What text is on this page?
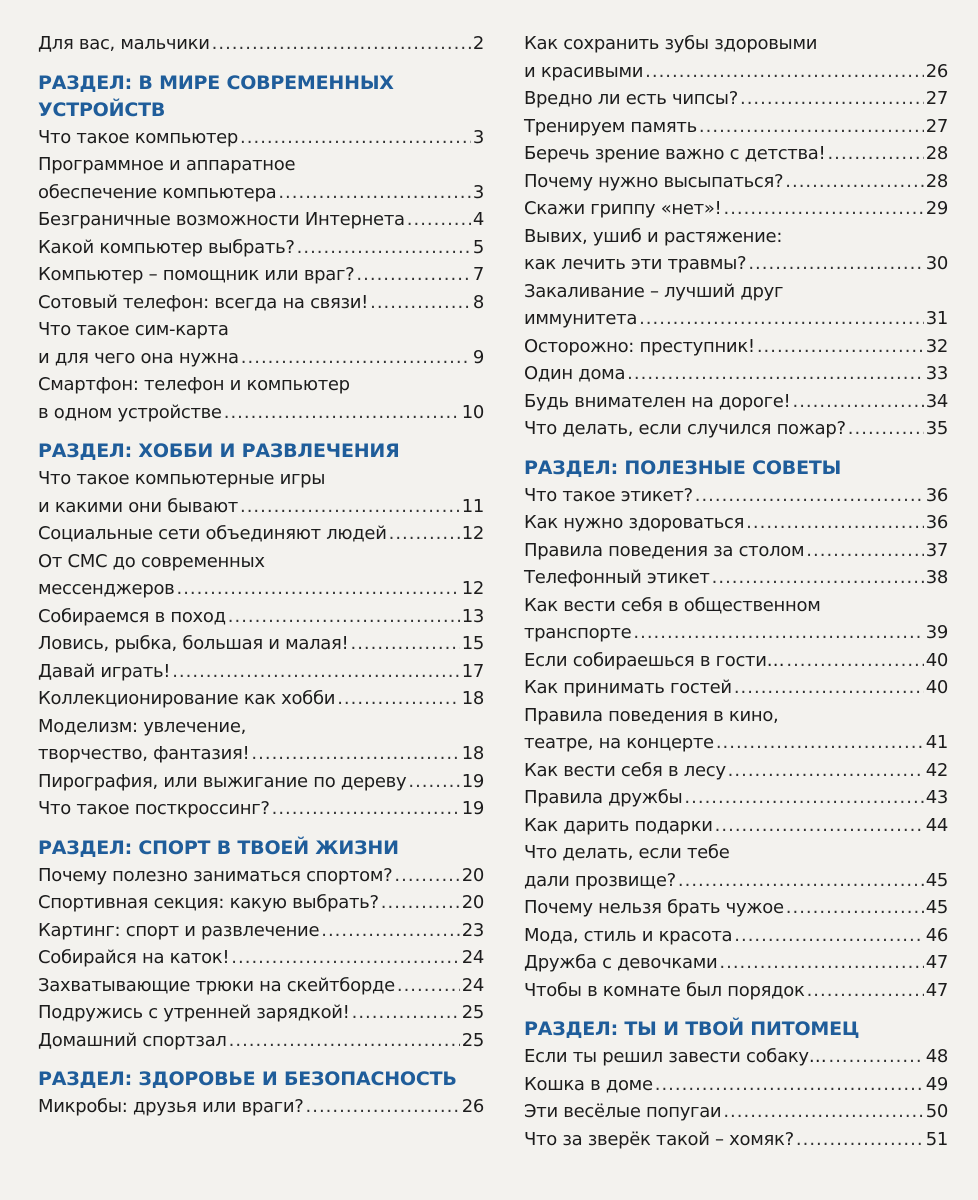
Для вас, мальчики .....	2
РАЗДЕЛ: В МИРЕ СОВРЕМЕННЫХ
УСТРОЙСТВ
Что такое компьютер .....	3
Программное и аппаратное
обеспечение компьютера .....	3
Безграничные возможности Интернета .....	4
Какой компьютер выбрать? .....	5
Компьютер – помощник или враг? .....	7
Сотовый телефон: всегда на связи! .....	8
Что такое сим-карта
и для чего она нужна .....	9
Смартфон: телефон и компьютер
в одном устройстве .....	10
РАЗДЕЛ: ХОББИ И РАЗВЛЕЧЕНИЯ
Что такое компьютерные игры
и какими они бывают .....	11
Социальные сети объединяют людей .....	12
От СМС до современных
мессенджеров .....	12
Собираемся в поход .....	13
Ловись, рыбка, большая и малая! .....	15
Давай играть! .....	17
Коллекционирование как хобби .....	18
Моделизм: увлечение,
творчество, фантазия! .....	18
Пирография, или выжигание по дереву .....	19
Что такое посткроссинг? .....	19
РАЗДЕЛ: СПОРТ В ТВОЕЙ ЖИЗНИ
Почему полезно заниматься спортом? .....	20
Спортивная секция: какую выбрать? .....	20
Картинг: спорт и развлечение .....	23
Собирайся на каток! .....	24
Захватывающие трюки на скейтборде .....	24
Подружись с утренней зарядкой! .....	25
Домашний спортзал .....	25
РАЗДЕЛ: ЗДОРОВЬЕ И БЕЗОПАСНОСТЬ
Микробы: друзья или враги? .....	26
Как сохранить зубы здоровыми
и красивыми .....	26
Вредно ли есть чипсы? .....	27
Тренируем память .....	27
Беречь зрение важно с детства! .....	28
Почему нужно высыпаться? .....	28
Скажи гриппу «нет»! .....	29
Вывих, ушиб и растяжение:
как лечить эти травмы? .....	30
Закаливание – лучший друг
иммунитета .....	31
Осторожно: преступник! .....	32
Один дома .....	33
Будь внимателен на дороге! .....	34
Что делать, если случился пожар? .....	35
РАЗДЕЛ: ПОЛЕЗНЫЕ СОВЕТЫ
Что такое этикет? .....	36
Как нужно здороваться .....	36
Правила поведения за столом .....	37
Телефонный этикет .....	38
Как вести себя в общественном
транспорте .....	39
Если собираешься в гости… .....	40
Как принимать гостей .....	40
Правила поведения в кино,
театре, на концерте .....	41
Как вести себя в лесу .....	42
Правила дружбы .....	43
Как дарить подарки .....	44
Что делать, если тебе
дали прозвище? .....	45
Почему нельзя брать чужое .....	45
Мода, стиль и красота .....	46
Дружба с девочками .....	47
Чтобы в комнате был порядок .....	47
РАЗДЕЛ: ТЫ И ТВОЙ ПИТОМЕЦ
Если ты решил завести собаку… .....	48
Кошка в доме .....	49
Эти весёлые попугаи .....	50
Что за зверёк такой – хомяк? .....	51
